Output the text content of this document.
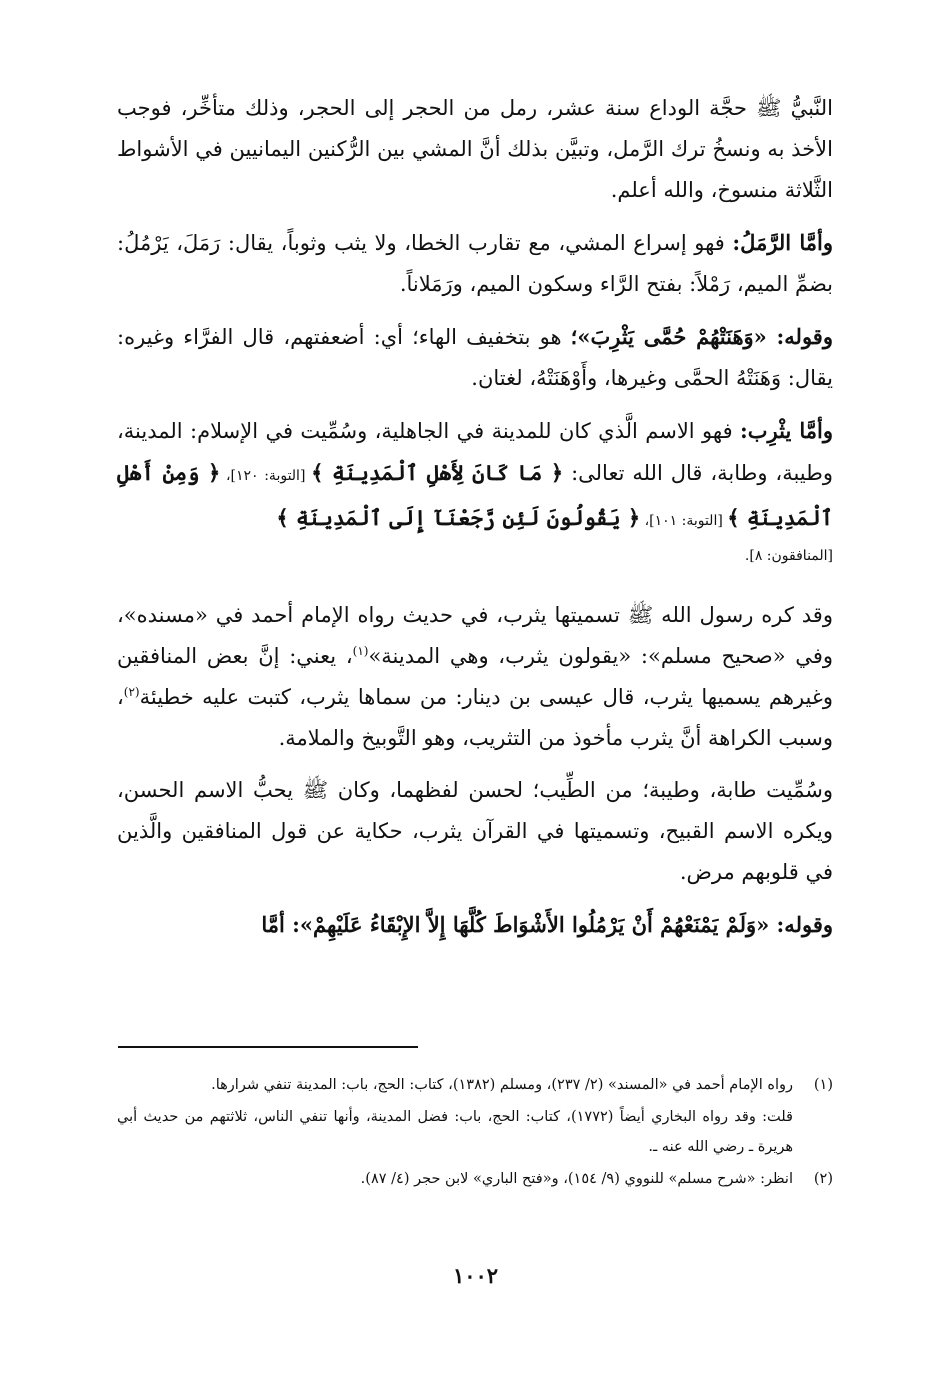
النَّبيُّ ﷺ حجَّة الوداع سنة عشر، رمل من الحجر إلى الحجر، وذلك متأخِّر، فوجب الأخذ به ونسخُ ترك الرَّمل، وتبيَّن بذلك أنَّ المشي بين الرُّكنين اليمانيين في الأشواط الثَّلاثة منسوخ، والله أعلم.

وأمَّا الرَّمَلُ: فهو إسراع المشي، مع تقارب الخطا، ولا يثب وثوباً، يقال: رَمَلَ، يَرْمُلُ: بضمِّ الميم، رَمْلاً: بفتح الرَّاء وسكون الميم، ورَمَلاناً.

وقوله: «وَهَنَتْهُمْ حُمَّى يَثْرِبَ»؛ هو بتخفيف الهاء؛ أي: أضعفتهم، قال الفرَّاء وغيره: يقال: وَهَنَتْهُ الحمَّى وغيرها، وأَوْهَنَتْهُ، لغتان.

وأمَّا يثْرِب: فهو الاسم الَّذي كان للمدينة في الجاهلية، وسُمِّيت في الإسلام: المدينة، وطيبة، وطابة، قال الله تعالى: ﴿ مَا كَانَ لِأَهْلِ ٱلْمَدِينَةِ ﴾ [التوبة: ١٢٠]، ﴿ وَمِنْ أَهْلِ ٱلْمَدِينَةِ ﴾ [التوبة: ١٠١]، ﴿ يَقُولُونَ لَئِن رَّجَعْنَآ إِلَى ٱلْمَدِينَةِ ﴾

[المنافقون: ٨].

وقد كره رسول الله ﷺ تسميتها يثرب، في حديث رواه الإمام أحمد في «مسنده»، وفي «صحيح مسلم»: «يقولون يثرب، وهي المدينة»$^{(١)}$، يعني: إنَّ بعض المنافقين وغيرهم يسميها يثرب، قال عيسى بن دينار: من سماها يثرب، كتبت عليه خطيئة$^{(٢)}$، وسبب الكراهة أنَّ يثرب مأخوذ من التثريب، وهو التَّوبيخ والملامة.

وسُمِّيت طابة، وطيبة؛ من الطِّيب؛ لحسن لفظهما، وكان ﷺ يحبُّ الاسم الحسن، ويكره الاسم القبيح، وتسميتها في القرآن يثرب، حكاية عن قول المنافقين والَّذين في قلوبهم مرض.

وقوله: «وَلَمْ يَمْنَعْهُمْ أَنْ يَرْمُلُوا الأَشْوَاطَ كُلَّهَا إِلاَّ الإِبْقَاءُ عَلَيْهِمْ»: أمَّا

(١)
رواه الإمام أحمد في «المسند» (٢/ ٢٣٧)، ومسلم (١٣٨٢)، كتاب: الحج، باب: المدينة تنفي شرارها.
قلت: وقد رواه البخاري أيضاً (١٧٧٢)، كتاب: الحج، باب: فضل المدينة، وأنها تنفي الناس، ثلاثتهم من حديث أبي هريرة ـ رضي الله عنه ـ.
(٢)
انظر: «شرح مسلم» للنووي (٩/ ١٥٤)، و«فتح الباري» لابن حجر (٤/ ٨٧).
١٠٠٢
